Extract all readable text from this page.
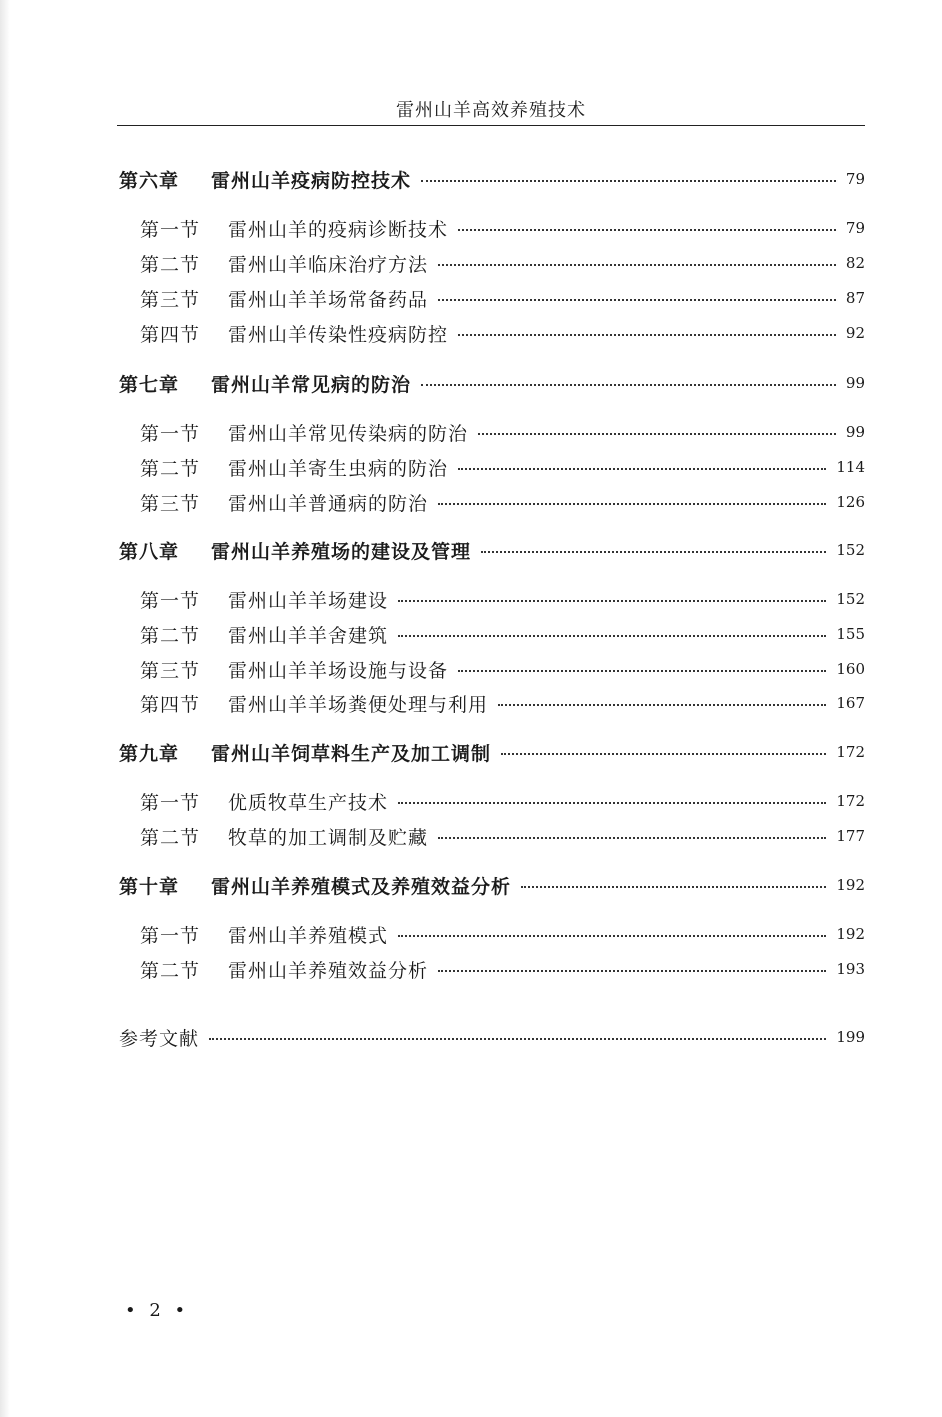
雷州山羊高效养殖技术
第六章	雷州山羊疫病防控技术	79
第一节	雷州山羊的疫病诊断技术	79
第二节	雷州山羊临床治疗方法	82
第三节	雷州山羊羊场常备药品	87
第四节	雷州山羊传染性疫病防控	92
第七章	雷州山羊常见病的防治	99
第一节	雷州山羊常见传染病的防治	99
第二节	雷州山羊寄生虫病的防治	114
第三节	雷州山羊普通病的防治	126
第八章	雷州山羊养殖场的建设及管理	152
第一节	雷州山羊羊场建设	152
第二节	雷州山羊羊舍建筑	155
第三节	雷州山羊羊场设施与设备	160
第四节	雷州山羊羊场粪便处理与利用	167
第九章	雷州山羊饲草料生产及加工调制	172
第一节	优质牧草生产技术	172
第二节	牧草的加工调制及贮藏	177
第十章	雷州山羊养殖模式及养殖效益分析	192
第一节	雷州山羊养殖模式	192
第二节	雷州山羊养殖效益分析	193
参考文献	199
• 2 •
